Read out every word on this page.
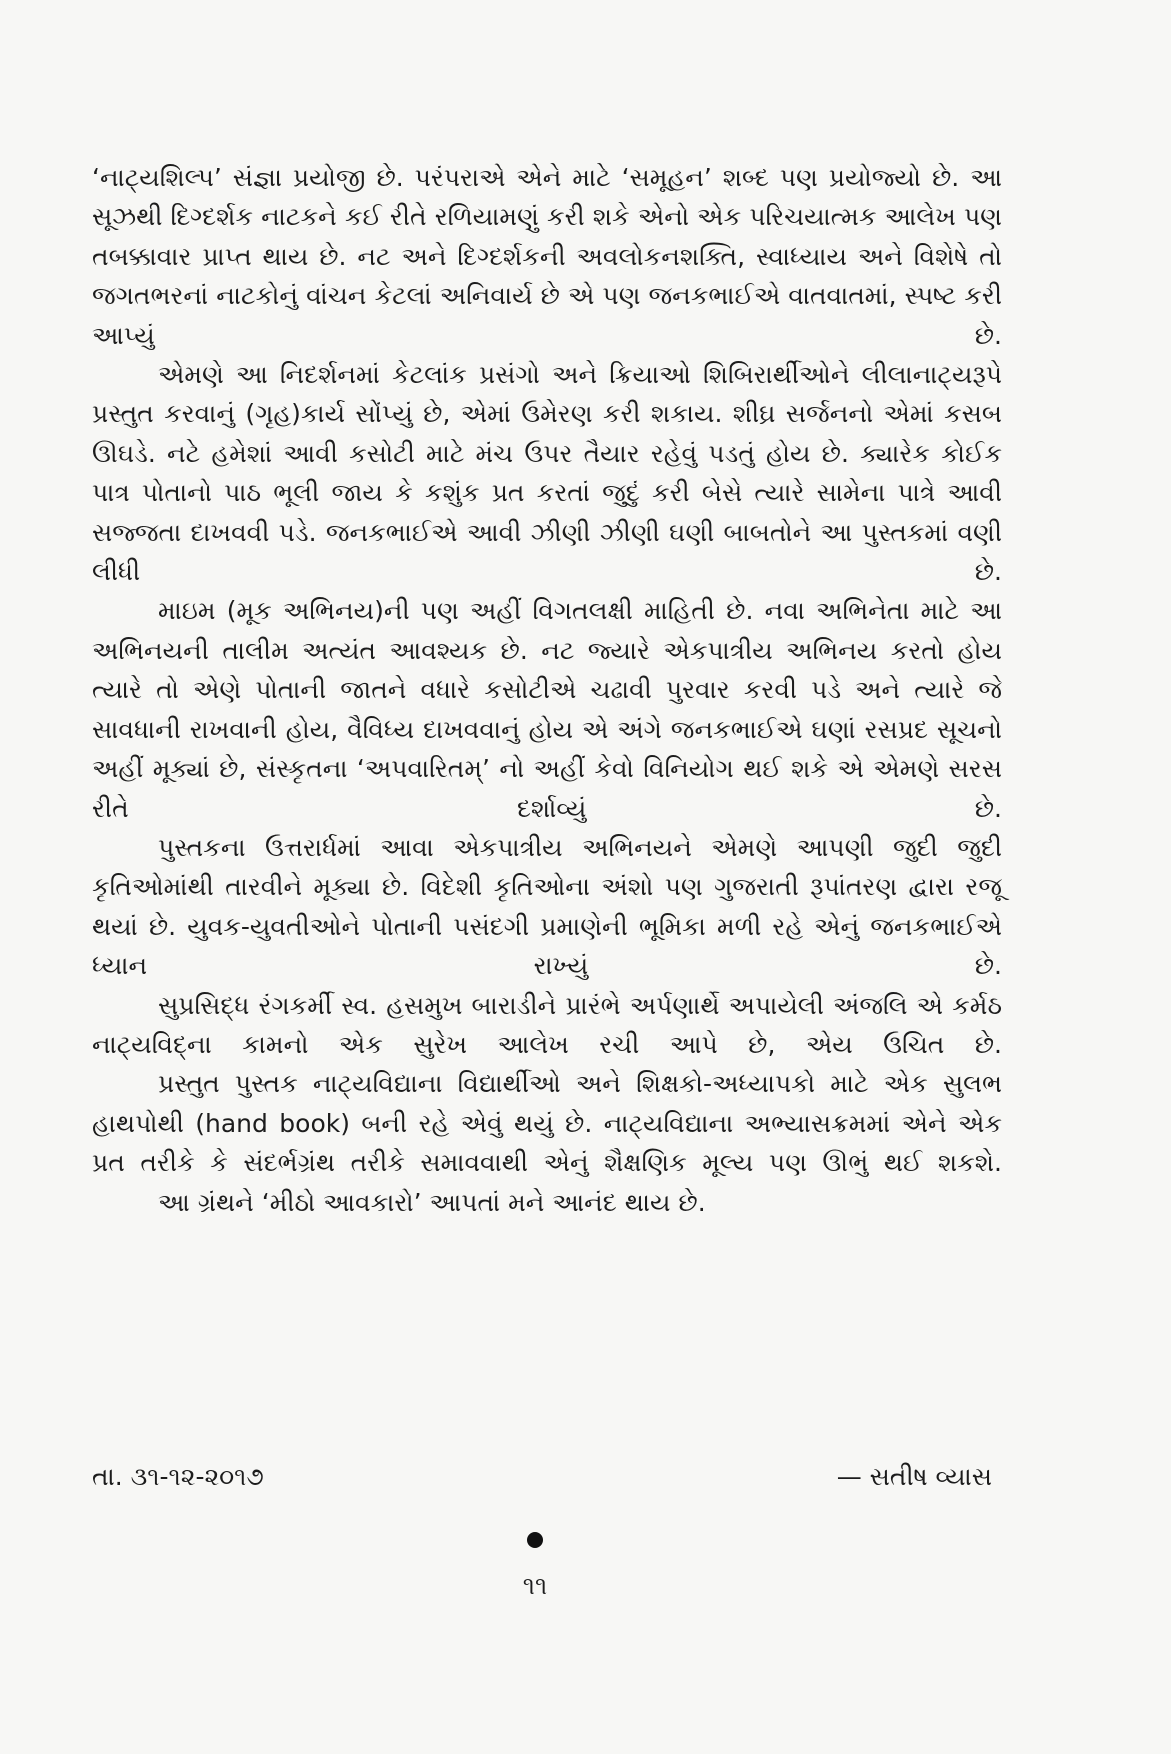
‘નાટ્યશિલ્પ’ સંજ્ઞા પ્રયોજી છે. પરંપરાએ એને માટે ‘સમૂહન’ શબ્દ પણ પ્રયોજ્યો છે. આ સૂઝથી દિગ્દર્શક નાટકને કઈ રીતે રળિયામણું કરી શકે એનો એક પરિચયાત્મક આલેખ પણ તબક્કાવાર પ્રાપ્ત થાય છે. નટ અને દિગ્દર્શકની અવલોકનશક્તિ, સ્વાધ્યાય અને વિશેષે તો જગતભરનાં નાટકોનું વાંચન કેટલાં અનિવાર્ય છે એ પણ જનકભાઈએ વાતવાતમાં, સ્પષ્ટ કરી આપ્યું છે.

એમણે આ નિદર્શનમાં કેટલાંક પ્રસંગો અને ક્રિયાઓ શિબિરાર્થીઓને લીલાનાટ્યરૂપે પ્રસ્તુત કરવાનું (ગૃહ)કાર્ય સોંપ્યું છે, એમાં ઉમેરણ કરી શકાય. શીઘ્ર સર્જનનો એમાં કસબ ઊઘડે. નટે હમેશાં આવી કસોટી માટે મંચ ઉપર તૈયાર રહેવું પડતું હોય છે. ક્યારેક કોઈક પાત્ર પોતાનો પાઠ ભૂલી જાય કે કશુંક પ્રત કરતાં જુદું કરી બેસે ત્યારે સામેના પાત્રે આવી સજ્જતા દાખવવી પડે. જનકભાઈએ આવી ઝીણી ઝીણી ઘણી બાબતોને આ પુસ્તકમાં વણી લીધી છે.

માઇમ (મૂક અભિનય)ની પણ અહીં વિગતલક્ષી માહિતી છે. નવા અભિનેતા માટે આ અભિનયની તાલીમ અત્યંત આવશ્યક છે. નટ જ્યારે એકપાત્રીય અભિનય કરતો હોય ત્યારે તો એણે પોતાની જાતને વધારે કસોટીએ ચઢાવી પુરવાર કરવી પડે અને ત્યારે જે સાવધાની રાખવાની હોય, વૈવિધ્ય દાખવવાનું હોય એ અંગે જનકભાઈએ ઘણાં રસપ્રદ સૂચનો અહીં મૂક્યાં છે, સંસ્કૃતના ‘અપવારિતમ્’ નો અહીં કેવો વિનિયોગ થઈ શકે એ એમણે સરસ રીતે દર્શાવ્યું છે.

પુસ્તકના ઉત્તરાર્ધમાં આવા એકપાત્રીય અભિનયને એમણે આપણી જુદી જુદી કૃતિઓમાંથી તારવીને મૂક્યા છે. વિદેશી કૃતિઓના અંશો પણ ગુજરાતી રૂપાંતરણ દ્વારા રજૂ થયાં છે. યુવક-યુવતીઓને પોતાની પસંદગી પ્રમાણેની ભૂમિકા મળી રહે એનું જનકભાઈએ ધ્યાન રાખ્યું છે.

સુપ્રસિદ્ધ રંગકર્મી સ્વ. હસમુખ બારાડીને પ્રારંભે અર્પણાર્થે અપાયેલી અંજલિ એ કર્મઠ નાટ્યવિદ્‌ના કામનો એક સુરેખ આલેખ રચી આપે છે, એય ઉચિત છે.

પ્રસ્તુત પુસ્તક નાટ્યવિદ્યાના વિદ્યાર્થીઓ અને શિક્ષકો-અધ્યાપકો માટે એક સુલભ હાથપોથી (hand book) બની રહે એવું થયું છે. નાટ્યવિદ્યાના અભ્યાસક્રમમાં એને એક પ્રત તરીકે કે સંદર્ભગ્રંથ તરીકે સમાવવાથી એનું શૈક્ષણિક મૂલ્ય પણ ઊભું થઈ શકશે.

આ ગ્રંથને ‘મીઠો આવકારો’ આપતાં મને આનંદ થાય છે.

તા. ૩૧-૧૨-૨૦૧૭	— સતીષ વ્યાસ
૧૧
